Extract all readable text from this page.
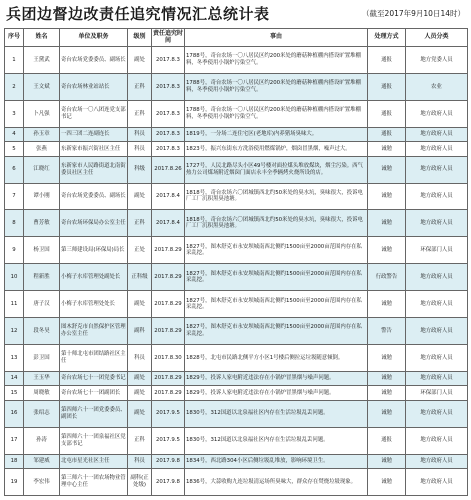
兵团边督边改责任追究情况汇总统计表	（截至2017年9月10日14时）
序号	姓名	单位及职务	级别	责任追究时间	事由	处理方式	人员分类
1	王黛武	奇台农场党委委员、副场长	副处	2017.8.3	1788号，奇台农场一〇八居民区约200米处的蘑菇种植棚内搭设旷置堆棚料，冬季使用小锅炉污染空气。	通报	地方党委人员
2	王文斌	奇台农场林业站站长	正科	2017.8.3	1788号，奇台农场一〇八居民区约200米处的蘑菇种植棚内搭设旷置堆棚料，冬季使用小锅炉污染空气。	通报	农业
3	卜凡强	奇台农场一〇八团连党支部书记	正科	2017.8.3	1788号，奇台农场一〇八居民区约200米处的蘑菇种植棚内搭设旷置堆棚料，冬季使用小锅炉污染空气。	通报	地方政府人员
4	孙玉章	一四三团二连副连长	科员	2017.8.3	1819号，一分场二连住宅区(老地库)内养猪场臭味大。	通报	地方政府人员
5	张燕	东新家市振兴街社区主任	科员	2017.8.3	1823号，振兴东街东方洗浴使用燃煤锅炉，烟囱冒黑烟，噪声过大。	诫勉	地方政府人员
6	江晓红	东新家市人民路街道北南街委员社区主任	科级	2017.8.26	1727号，人民北路尽头小区49号楼对面拉煤头堆放煤块，烟尘污染。西气热力公司煤场附近烟囱门面店永丰全季辆烤火烧所设的店。	诫勉	地方政府人员
7	谭小刚	奇台农场党委委员、副场长	副处	2017.8.4	1818号，奇台农场六〇团城镇西北约50米处的臭水坑，臭味很大，投诉电厂工厂沉积黑臭池塘。	诫勉	地方政府人员
8	曹芳敏	奇台农场环保局办公室主任	正科	2017.8.4	1818号，奇台农场六〇团城镇西北约50米处的臭水坑，臭味很大，投诉电厂工厂沉积黑臭池塘。	诫勉	地方政府人员
9	杨卫国	第三师建设局(环保局)局长	正处	2017.8.29	1827号，图木舒克市永安坝城南西北侧约1500亩至2000亩范围内存在私采乱挖。	诫勉	环保部门人员
10	程新胜	小梅子水库管理处副处长	正科级	2017.8.29	1827号，图木舒克市永安坝城南西北侧约1500亩至2000亩范围内存在私采乱挖。	行政警告	地方政府人员
11	唐子汉	小梅子水库管理处处长	副处	2017.8.29	1827号，图木舒克市永安坝城南西北侧约1500亩至2000亩范围内存在私采乱挖。	诫勉	地方政府人员
12	段冬昊	图木舒克市自然保护区管理办公室主任	副科	2017.8.29	1827号，图木舒克市永安坝城南西北侧约1500亩至2000亩范围内存在私采乱挖。	警告	地方政府人员
13	彭卫国	第十师北屯市团结路社区主任	科员	2017.8.30	1828号，北屯市民路北侧平方小区1号楼后侧拉运垃圾随意倾倒。	诫勉	地方政府人员
14	王玉华	奇台农场七十一团党委书记	副处	2017.8.29	1829号，投诉人家电附近违法存在小锅炉冒黑烟与噪声问题。	诫勉	地方政府人员
15	周晓敏	奇台农场七十一团副团长	副处	2017.8.29	1829号，投诉人家电附近违法存在小锅炉冒黑烟与噪声问题。	诫勉	环保部门人员
16	张绍志	第四师六十一团党委委员、副团长	副处	2017.9.5	1830号，312国道以北泉福社区内存在生活垃圾乱丢问题。	诫勉	地方政府人员
17	孙涛	第四师六十一团泉福社区党支部书记	正科	2017.9.5	1830号，312国道以北泉福社区内存在生活垃圾乱丢问题。	通报	地方政府人员
18	邹建威	北屯市星光社区主任	科员	2017.9.8	1834号，西北路304小区后侧垃圾乱堆放，影响环境卫生。	诫勉	地方政府人员
19	李宏伟	第三师六十一团农场物业管理中心主任	副科(正处级)	2017.9.8	1836号，大蒜收购九连垃圾清运场所臭味大，群众存在焚烧垃圾现象。	诫勉	地方政府人员
